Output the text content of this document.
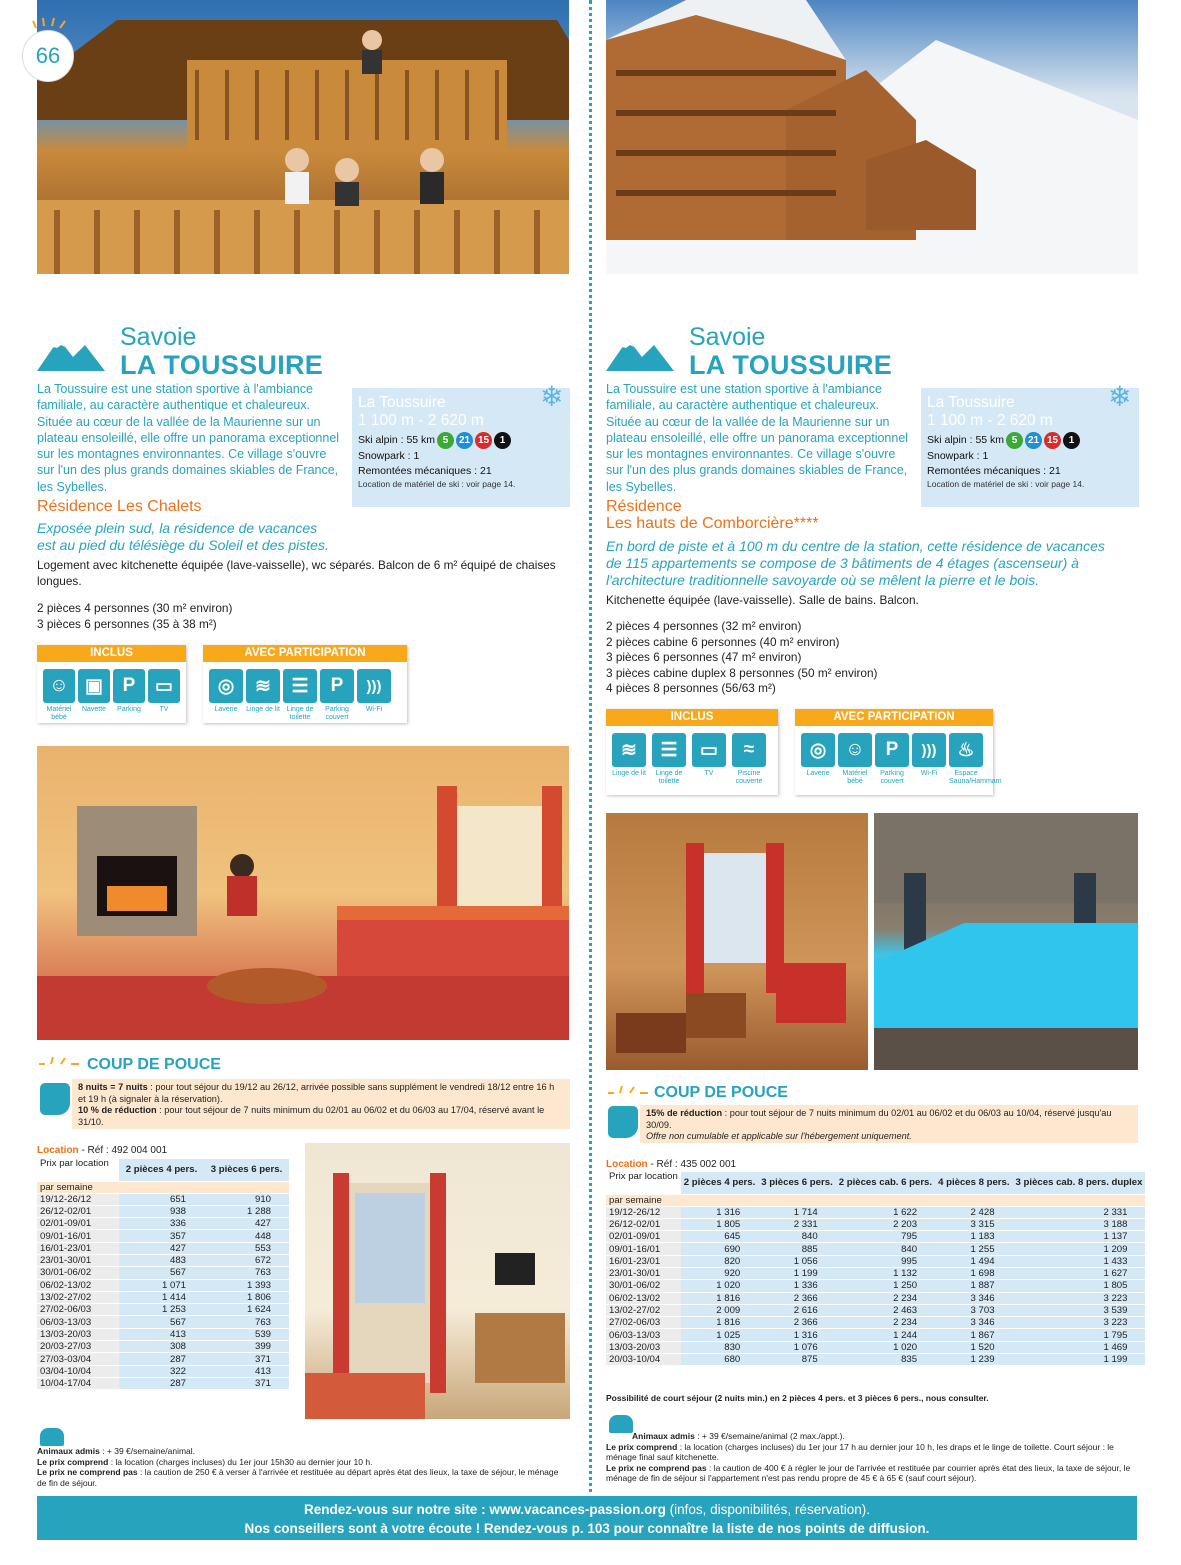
66
Savoie
LA TOUSSUIRE
La Toussuire est une station sportive à l'ambiance familiale, au caractère authentique et chaleureux. Située au cœur de la vallée de la Maurienne sur un plateau ensoleillé, elle offre un panorama exceptionnel sur les montagnes environnantes. Ce village s'ouvre sur l'un des plus grands domaines skiables de France, les Sybelles.
La Toussuire
1 100 m - 2 620 m
Ski alpin : 55 km 5	21 15	1
Snowpark : 1
Remontées mécaniques : 21
Location de matériel de ski : voir page 14.
❄
Résidence Les Chalets
Exposée plein sud, la résidence de vacances est au pied du télésiège du Soleil et des pistes.
Logement avec kitchenette équipée (lave-vaisselle), wc séparés. Balcon de 6 m² équipé de chaises longues.
2 pièces 4 personnes (30 m² environ)
3 pièces 6 personnes (35 à 38 m²)
INCLUS
☺ ▣	P	▭
Matériel bébé
Navette	Parking	TV
AVEC PARTICIPATION
◎	≋	☰	P	)))
Laverie	Linge de lit Linge de toilette
Parking couvert
Wi-Fi
COUP DE POUCE
8 nuits = 7 nuits : pour tout séjour du 19/12 au 26/12, arrivée possible sans supplément le vendredi 18/12 entre 16 h et 19 h (à signaler à la réservation).
10 % de réduction : pour tout séjour de 7 nuits minimum du 02/01 au 06/02 et du 06/03 au 17/04, réservé avant le 31/10.
Location - Réf : 492 004 001
Prix par location	2 pièces 4 pers.	3 pièces 6 pers.
par semaine		
19/12-26/12	651	910
26/12-02/01	938	1 288
02/01-09/01	336	427
09/01-16/01	357	448
16/01-23/01	427	553
23/01-30/01	483	672
30/01-06/02	567	763
06/02-13/02	1 071	1 393
13/02-27/02	1 414	1 806
27/02-06/03	1 253	1 624
06/03-13/03	567	763
13/03-20/03	413	539
20/03-27/03	308	399
27/03-03/04	287	371
03/04-10/04	322	413
10/04-17/04	287	371
Animaux admis : + 39 €/semaine/animal.
Le prix comprend : la location (charges incluses) du 1er jour 15h30 au dernier jour 10 h.
Le prix ne comprend pas : la caution de 250 € à verser à l'arrivée et restituée au départ après état des lieux, la taxe de séjour, le ménage de fin de séjour.
Savoie
LA TOUSSUIRE
La Toussuire est une station sportive à l'ambiance familiale, au caractère authentique et chaleureux. Située au cœur de la vallée de la Maurienne sur un plateau ensoleillé, elle offre un panorama exceptionnel sur les montagnes environnantes. Ce village s'ouvre sur l'un des plus grands domaines skiables de France, les Sybelles.
La Toussuire
1 100 m - 2 620 m
Ski alpin : 55 km 5	21 15	1
Snowpark : 1
Remontées mécaniques : 21
Location de matériel de ski : voir page 14.
❄
Résidence
Les hauts de Comborcière****
En bord de piste et à 100 m du centre de la station, cette résidence de vacances de 115 appartements se compose de 3 bâtiments de 4 étages (ascenseur) à l'architecture traditionnelle savoyarde où se mêlent la pierre et le bois.
Kitchenette équipée (lave-vaisselle). Salle de bains. Balcon.
2 pièces 4 personnes (32 m² environ)
2 pièces cabine 6 personnes (40 m² environ)
3 pièces 6 personnes (47 m² environ)
3 pièces cabine duplex 8 personnes (50 m² environ)
4 pièces 8 personnes (56/63 m²)
INCLUS
≋	☰	▭	≈
Linge de lit	Linge de toilette
TV	Piscine couverte
AVEC PARTICIPATION
◎	☺	P	)))	♨
Laverie	Matériel bébé
Parking couvert
Wi-Fi	Espace Sauna/Hammam
COUP DE POUCE
15% de réduction : pour tout séjour de 7 nuits minimum du 02/01 au 06/02 et du 06/03 au 10/04, réservé jusqu'au 30/09.
Offre non cumulable et applicable sur l'hébergement uniquement.
Location - Réf : 435 002 001
Prix par location	2 pièces 4 pers.	3 pièces 6 pers.	2 pièces cab. 6 pers.	4 pièces 8 pers.	3 pièces cab. 8 pers. duplex
par semaine					
19/12-26/12	1 316	1 714	1 622	2 428	2 331
26/12-02/01	1 805	2 331	2 203	3 315	3 188
02/01-09/01	645	840	795	1 183	1 137
09/01-16/01	690	885	840	1 255	1 209
16/01-23/01	820	1 056	995	1 494	1 433
23/01-30/01	920	1 199	1 132	1 698	1 627
30/01-06/02	1 020	1 336	1 250	1 887	1 805
06/02-13/02	1 816	2 366	2 234	3 346	3 223
13/02-27/02	2 009	2 616	2 463	3 703	3 539
27/02-06/03	1 816	2 366	2 234	3 346	3 223
06/03-13/03	1 025	1 316	1 244	1 867	1 795
13/03-20/03	830	1 076	1 020	1 520	1 469
20/03-10/04	680	875	835	1 239	1 199
Possibilité de court séjour (2 nuits min.) en 2 pièces 4 pers. et 3 pièces 6 pers., nous consulter.
Animaux admis : + 39 €/semaine/animal (2 max./appt.).
Le prix comprend : la location (charges incluses) du 1er jour 17 h au dernier jour 10 h, les draps et le linge de toilette. Court séjour : le ménage final sauf kitchenette.
Le prix ne comprend pas : la caution de 400 € à régler le jour de l'arrivée et restituée par courrier après état des lieux, la taxe de séjour, le ménage de fin de séjour si l'appartement n'est pas rendu propre de 45 € à 65 € (sauf court séjour).
Rendez-vous sur notre site : www.vacances-passion.org (infos, disponibilités, réservation).
Nos conseillers sont à votre écoute ! Rendez-vous p. 103 pour connaître la liste de nos points de diffusion.
